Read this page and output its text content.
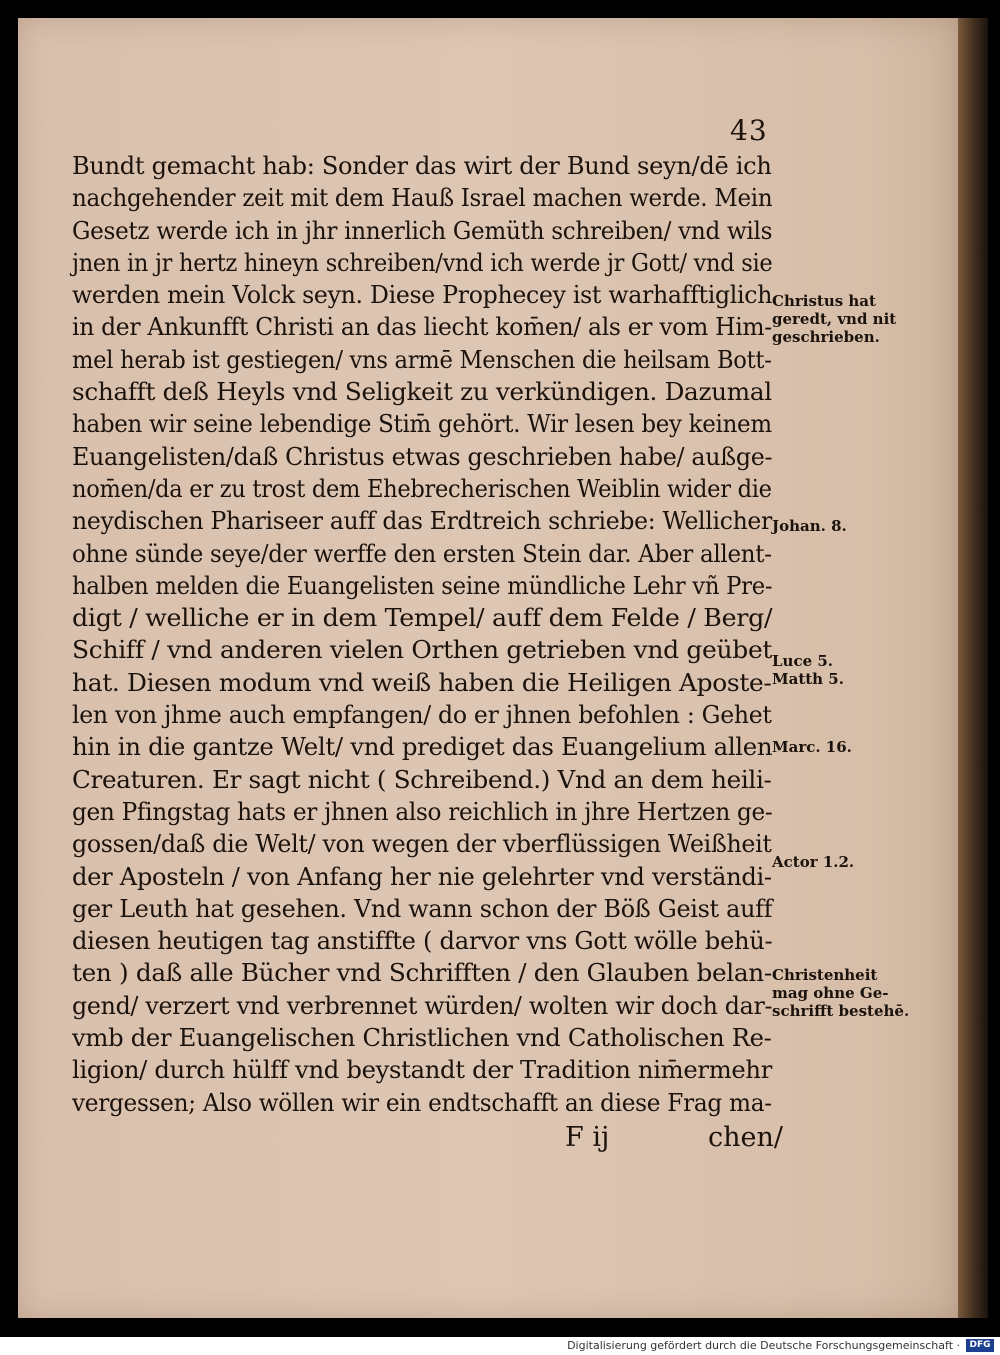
43
Bundt gemacht hab: Sonder das wirt der Bund seyn/dē ich
nachgehender zeit mit dem Hauß Israel machen werde. Mein
Gesetz werde ich in jhr innerlich Gemüth schreiben/ vnd wils
jnen in jr hertz hineyn schreiben/vnd ich werde jr Gott/ vnd sie
werden mein Volck seyn. Diese Prophecey ist warhafftiglich
in der Ankunfft Christi an das liecht kom̄en/ als er vom Him-
mel herab ist gestiegen/ vns armē Menschen die heilsam Bott-
schafft deß Heyls vnd Seligkeit zu verkündigen. Dazumal
haben wir seine lebendige Stim̄ gehört. Wir lesen bey keinem
Euangelisten/daß Christus etwas geschrieben habe/ außge-
nom̄en/da er zu trost dem Ehebrecherischen Weiblin wider die
neydischen Phariseer auff das Erdtreich schriebe: Wellicher
ohne sünde seye/der werffe den ersten Stein dar. Aber allent-
halben melden die Euangelisten seine mündliche Lehr vñ Pre-
digt / welliche er in dem Tempel/ auff dem Felde / Berg/
Schiff / vnd anderen vielen Orthen getrieben vnd geübet
hat. Diesen modum vnd weiß haben die Heiligen Aposte-
len von jhme auch empfangen/ do er jhnen befohlen : Gehet
hin in die gantze Welt/ vnd prediget das Euangelium allen
Creaturen. Er sagt nicht ( Schreibend.) Vnd an dem heili-
gen Pfingstag hats er jhnen also reichlich in jhre Hertzen ge-
gossen/daß die Welt/ von wegen der vberflüssigen Weißheit
der Aposteln / von Anfang her nie gelehrter vnd verständi-
ger Leuth hat gesehen. Vnd wann schon der Böß Geist auff
diesen heutigen tag anstiffte ( darvor vns Gott wölle behü-
ten ) daß alle Bücher vnd Schrifften / den Glauben belan-
gend/ verzert vnd verbrennet würden/ wolten wir doch dar-
vmb der Euangelischen Christlichen vnd Catholischen Re-
ligion/ durch hülff vnd beystandt der Tradition nim̄ermehr
vergessen; Also wöllen wir ein endtschafft an diese Frag ma-
Christus hat
geredt, vnd nit
geschrieben.
Johan. 8.
Luce 5.
Matth 5.
Marc. 16.
Actor 1.2.
Christenheit
mag ohne Ge-
schrifft bestehē.
F ij	chen/
Digitalisierung gefördert durch die Deutsche Forschungsgemeinschaft ·	DFG
